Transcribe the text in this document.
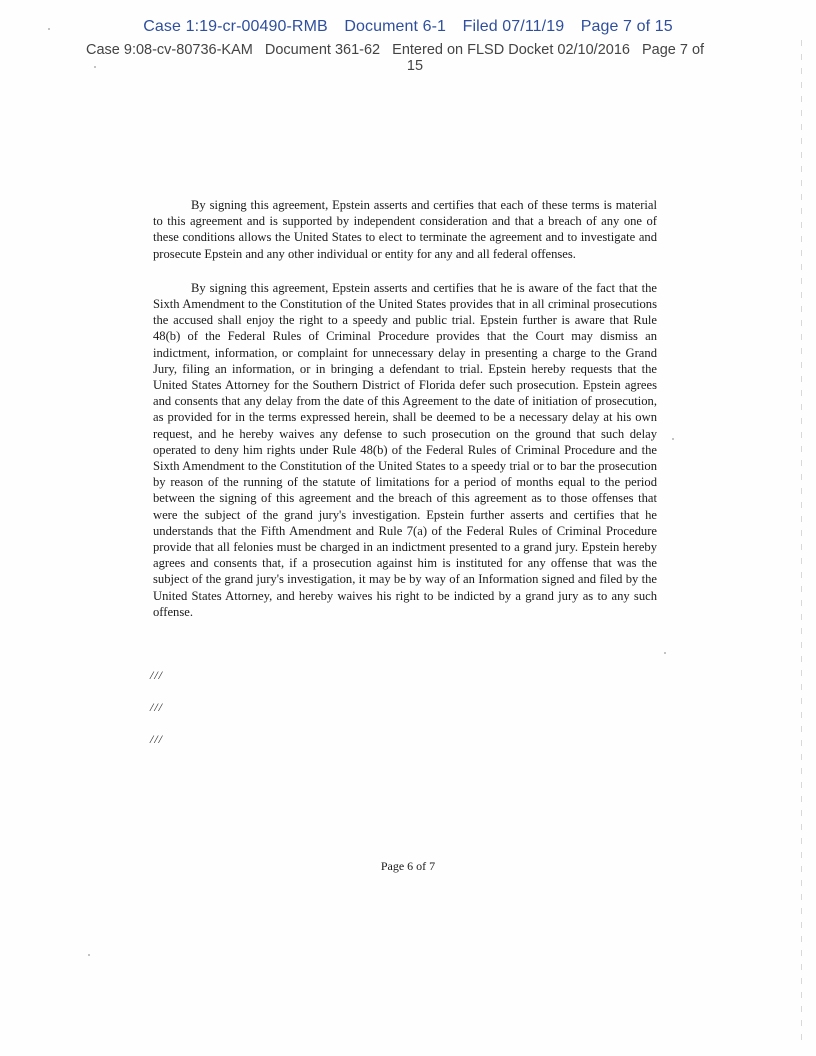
Case 1:19-cr-00490-RMB Document 6-1 Filed 07/11/19 Page 7 of 15
Case 9:08-cv-80736-KAM Document 361-62 Entered on FLSD Docket 02/10/2016 Page 7 of
15

By signing this agreement, Epstein asserts and certifies that each of these terms is material to this agreement and is supported by independent consideration and that a breach of any one of these conditions allows the United States to elect to terminate the agreement and to investigate and prosecute Epstein and any other individual or entity for any and all federal offenses.

By signing this agreement, Epstein asserts and certifies that he is aware of the fact that the Sixth Amendment to the Constitution of the United States provides that in all criminal prosecutions the accused shall enjoy the right to a speedy and public trial. Epstein further is aware that Rule 48(b) of the Federal Rules of Criminal Procedure provides that the Court may dismiss an indictment, information, or complaint for unnecessary delay in presenting a charge to the Grand Jury, filing an information, or in bringing a defendant to trial. Epstein hereby requests that the United States Attorney for the Southern District of Florida defer such prosecution. Epstein agrees and consents that any delay from the date of this Agreement to the date of initiation of prosecution, as provided for in the terms expressed herein, shall be deemed to be a necessary delay at his own request, and he hereby waives any defense to such prosecution on the ground that such delay operated to deny him rights under Rule 48(b) of the Federal Rules of Criminal Procedure and the Sixth Amendment to the Constitution of the United States to a speedy trial or to bar the prosecution by reason of the running of the statute of limitations for a period of months equal to the period between the signing of this agreement and the breach of this agreement as to those offenses that were the subject of the grand jury's investigation. Epstein further asserts and certifies that he understands that the Fifth Amendment and Rule 7(a) of the Federal Rules of Criminal Procedure provide that all felonies must be charged in an indictment presented to a grand jury. Epstein hereby agrees and consents that, if a prosecution against him is instituted for any offense that was the subject of the grand jury's investigation, it may be by way of an Information signed and filed by the United States Attorney, and hereby waives his right to be indicted by a grand jury as to any such offense.

///
///
///
Page 6 of 7
